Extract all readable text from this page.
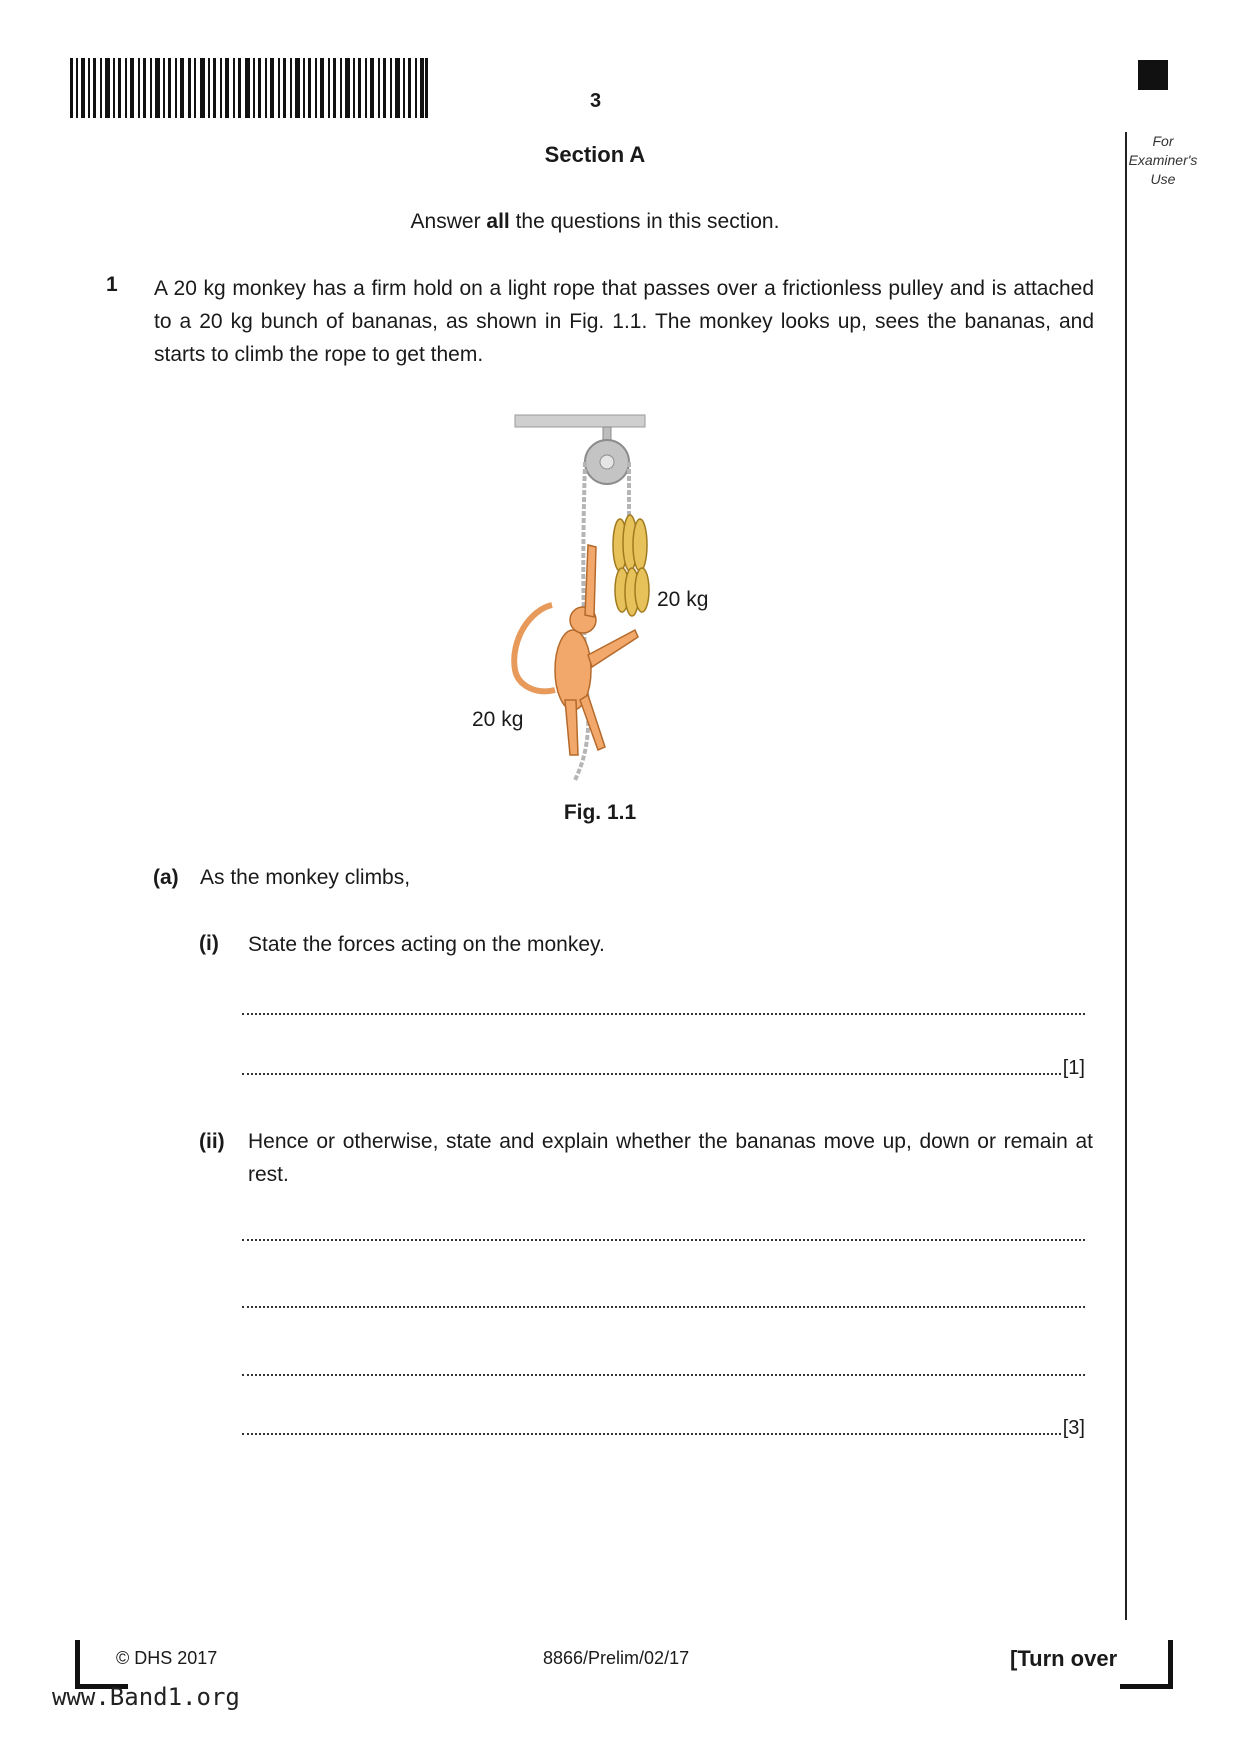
3
Section A
Answer all the questions in this section.
For
Examiner's
Use
1 A 20 kg monkey has a firm hold on a light rope that passes over a frictionless pulley and is attached to a 20 kg bunch of bananas, as shown in Fig. 1.1. The monkey looks up, sees the bananas, and starts to climb the rope to get them.
20 kg
20 kg
Fig. 1.1
(a) As the monkey climbs,
(i) State the forces acting on the monkey.
[1]
(ii) Hence or otherwise, state and explain whether the bananas move up, down or remain at rest.
[3]
© DHS 2017	8866/Prelim/02/17	[Turn over
www.Band1.org
